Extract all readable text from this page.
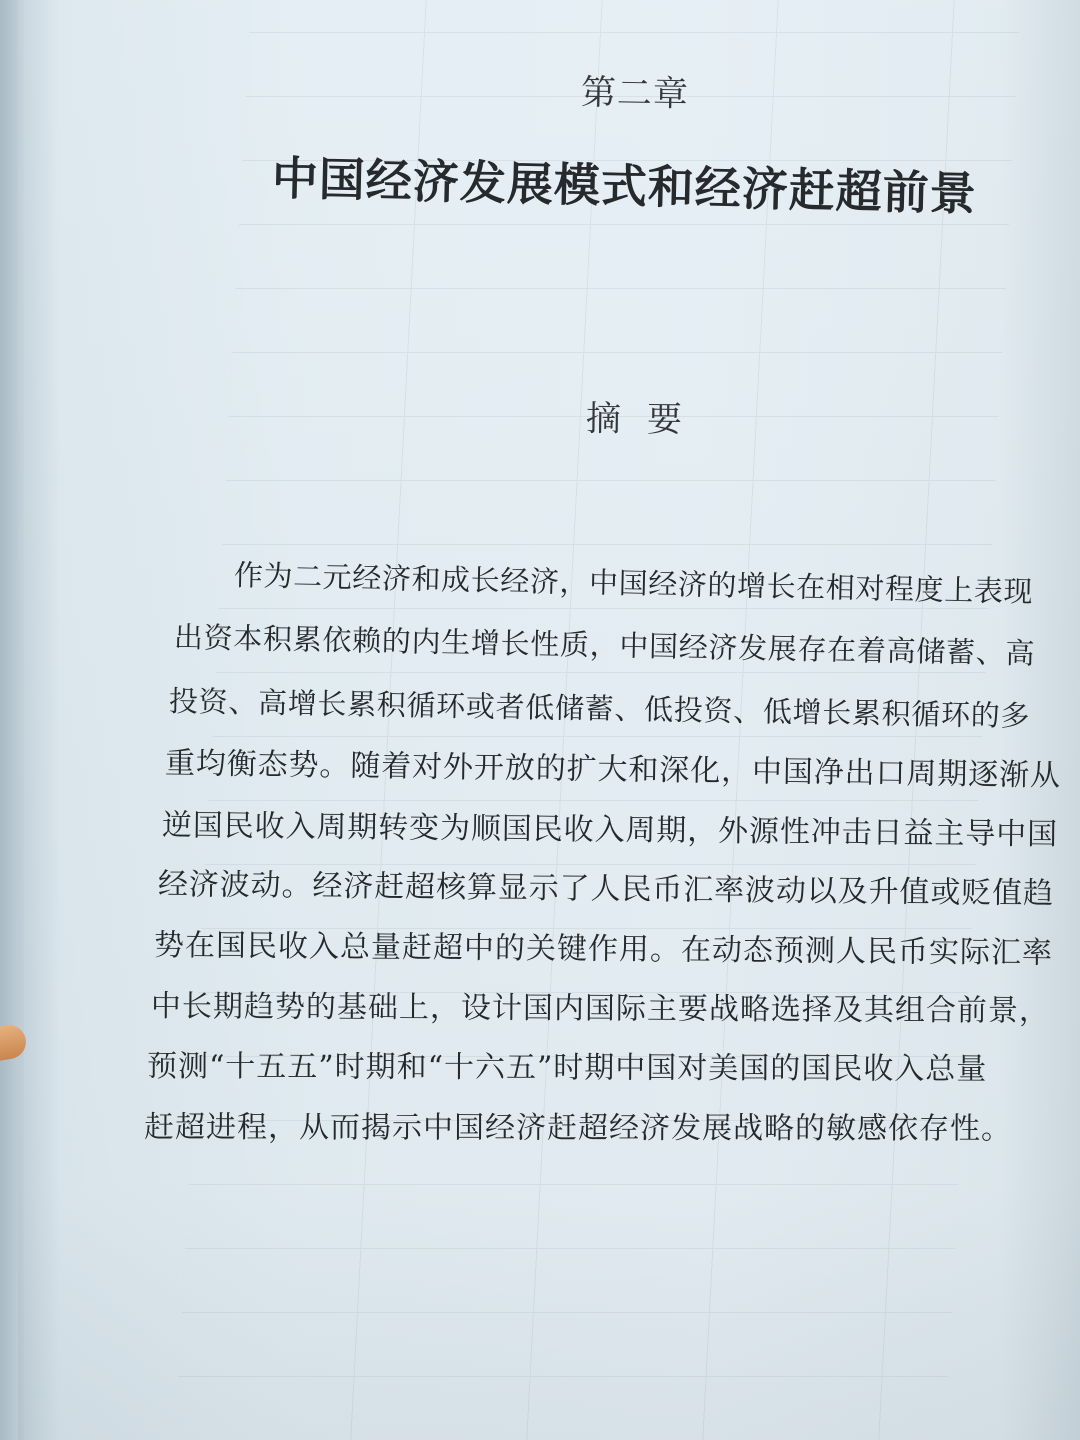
第二章
中国经济发展模式和经济赶超前景
摘要
作为二元经济和成长经济，中国经济的增长在相对程度上表现
出资本积累依赖的内生增长性质，中国经济发展存在着高储蓄、高
投资、高增长累积循环或者低储蓄、低投资、低增长累积循环的多
重均衡态势。随着对外开放的扩大和深化，中国净出口周期逐渐从
逆国民收入周期转变为顺国民收入周期，外源性冲击日益主导中国
经济波动。经济赶超核算显示了人民币汇率波动以及升值或贬值趋
势在国民收入总量赶超中的关键作用。在动态预测人民币实际汇率
中长期趋势的基础上，设计国内国际主要战略选择及其组合前景，
预测“十五五”时期和“十六五”时期中国对美国的国民收入总量
赶超进程，从而揭示中国经济赶超经济发展战略的敏感依存性。
